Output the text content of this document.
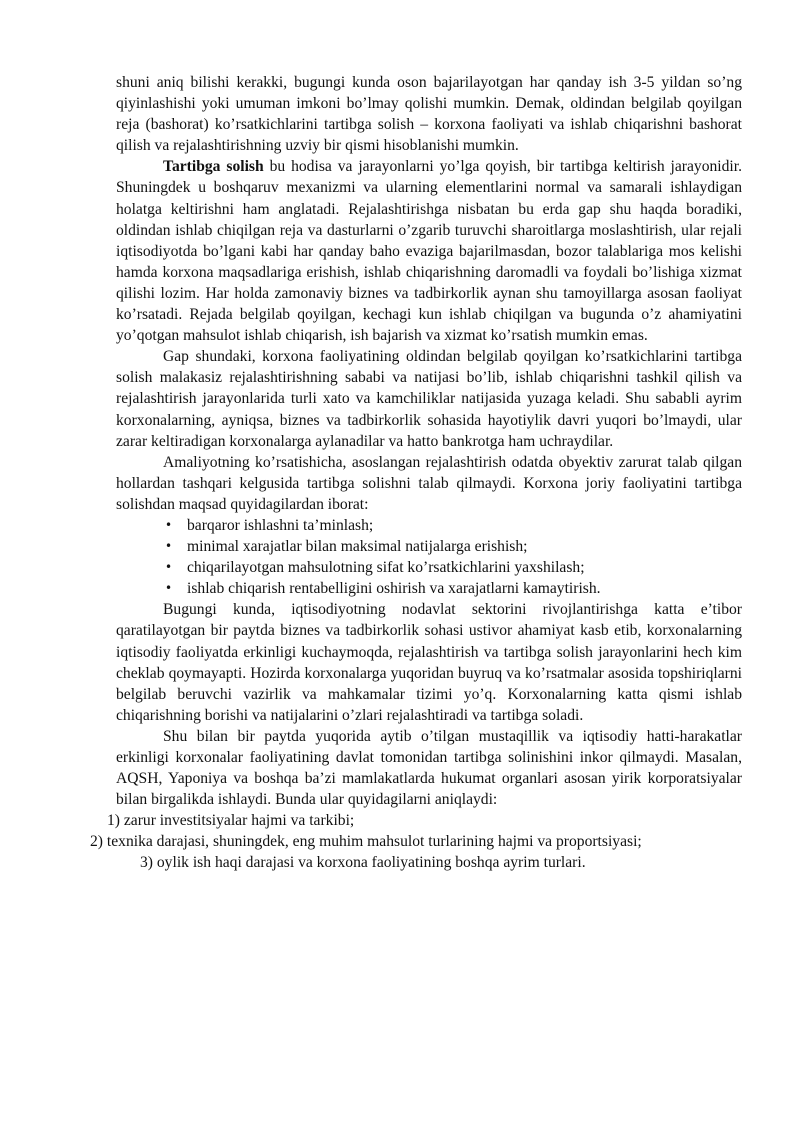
shuni aniq bilishi kerakki, bugungi kunda oson bajarilayotgan har qanday ish 3-5 yildan so’ng qiyinlashishi yoki umuman imkoni bo’lmay qolishi mumkin. Demak, oldindan belgilab qoyilgan reja (bashorat) ko’rsatkichlarini tartibga solish – korxona faoliyati va ishlab chiqarishni bashorat qilish va rejalashtirishning uzviy bir qismi hisoblanishi mumkin.

Tartibga solish bu hodisa va jarayonlarni yo’lga qoyish, bir tartibga keltirish jarayonidir. Shuningdek u boshqaruv mexanizmi va ularning elementlarini normal va samarali ishlaydigan holatga keltirishni ham anglatadi. Rejalashtirishga nisbatan bu erda gap shu haqda boradiki, oldindan ishlab chiqilgan reja va dasturlarni o’zgarib turuvchi sharoitlarga moslashtirish, ular rejali iqtisodiyotda bo’lgani kabi har qanday baho evaziga bajarilmasdan, bozor talablariga mos kelishi hamda korxona maqsadlariga erishish, ishlab chiqarishning daromadli va foydali bo’lishiga xizmat qilishi lozim. Har holda zamonaviy biznes va tadbirkorlik aynan shu tamoyillarga asosan faoliyat ko’rsatadi. Rejada belgilab qoyilgan, kechagi kun ishlab chiqilgan va bugunda o’z ahamiyatini yo’qotgan mahsulot ishlab chiqarish, ish bajarish va xizmat ko’rsatish mumkin emas.

Gap shundaki, korxona faoliyatining oldindan belgilab qoyilgan ko’rsatkichlarini tartibga solish malakasiz rejalashtirishning sababi va natijasi bo’lib, ishlab chiqarishni tashkil qilish va rejalashtirish jarayonlarida turli xato va kamchiliklar natijasida yuzaga keladi. Shu sababli ayrim korxonalarning, ayniqsa, biznes va tadbirkorlik sohasida hayotiylik davri yuqori bo’lmaydi, ular zarar keltiradigan korxonalarga aylanadilar va hatto bankrotga ham uchraydilar.

Amaliyotning ko’rsatishicha, asoslangan rejalashtirish odatda obyektiv zarurat talab qilgan hollardan tashqari kelgusida tartibga solishni talab qilmaydi. Korxona joriy faoliyatini tartibga solishdan maqsad quyidagilardan iborat:

• barqaror ishlashni ta’minlash;
• minimal xarajatlar bilan maksimal natijalarga erishish;
• chiqarilayotgan mahsulotning sifat ko’rsatkichlarini yaxshilash;
• ishlab chiqarish rentabelligini oshirish va xarajatlarni kamaytirish.

Bugungi kunda, iqtisodiyotning nodavlat sektorini rivojlantirishga katta e’tibor qaratilayotgan bir paytda biznes va tadbirkorlik sohasi ustivor ahamiyat kasb etib, korxonalarning iqtisodiy faoliyatda erkinligi kuchaymoqda, rejalashtirish va tartibga solish jarayonlarini hech kim cheklab qoymayapti. Hozirda korxonalarga yuqoridan buyruq va ko’rsatmalar asosida topshiriqlarni belgilab beruvchi vazirlik va mahkamalar tizimi yo’q. Korxonalarning katta qismi ishlab chiqarishning borishi va natijalarini o’zlari rejalashtiradi va tartibga soladi.

Shu bilan bir paytda yuqorida aytib o’tilgan mustaqillik va iqtisodiy hatti-harakatlar erkinligi korxonalar faoliyatining davlat tomonidan tartibga solinishini inkor qilmaydi. Masalan, AQSH, Yaponiya va boshqa ba’zi mamlakatlarda hukumat organlari asosan yirik korporatsiyalar bilan birgalikda ishlaydi. Bunda ular quyidagilarni aniqlaydi:

1) zarur investitsiyalar hajmi va tarkibi;

2) texnika darajasi, shuningdek, eng muhim mahsulot turlarining hajmi va proportsiyasi;

3) oylik ish haqi darajasi va korxona faoliyatining boshqa ayrim turlari.
